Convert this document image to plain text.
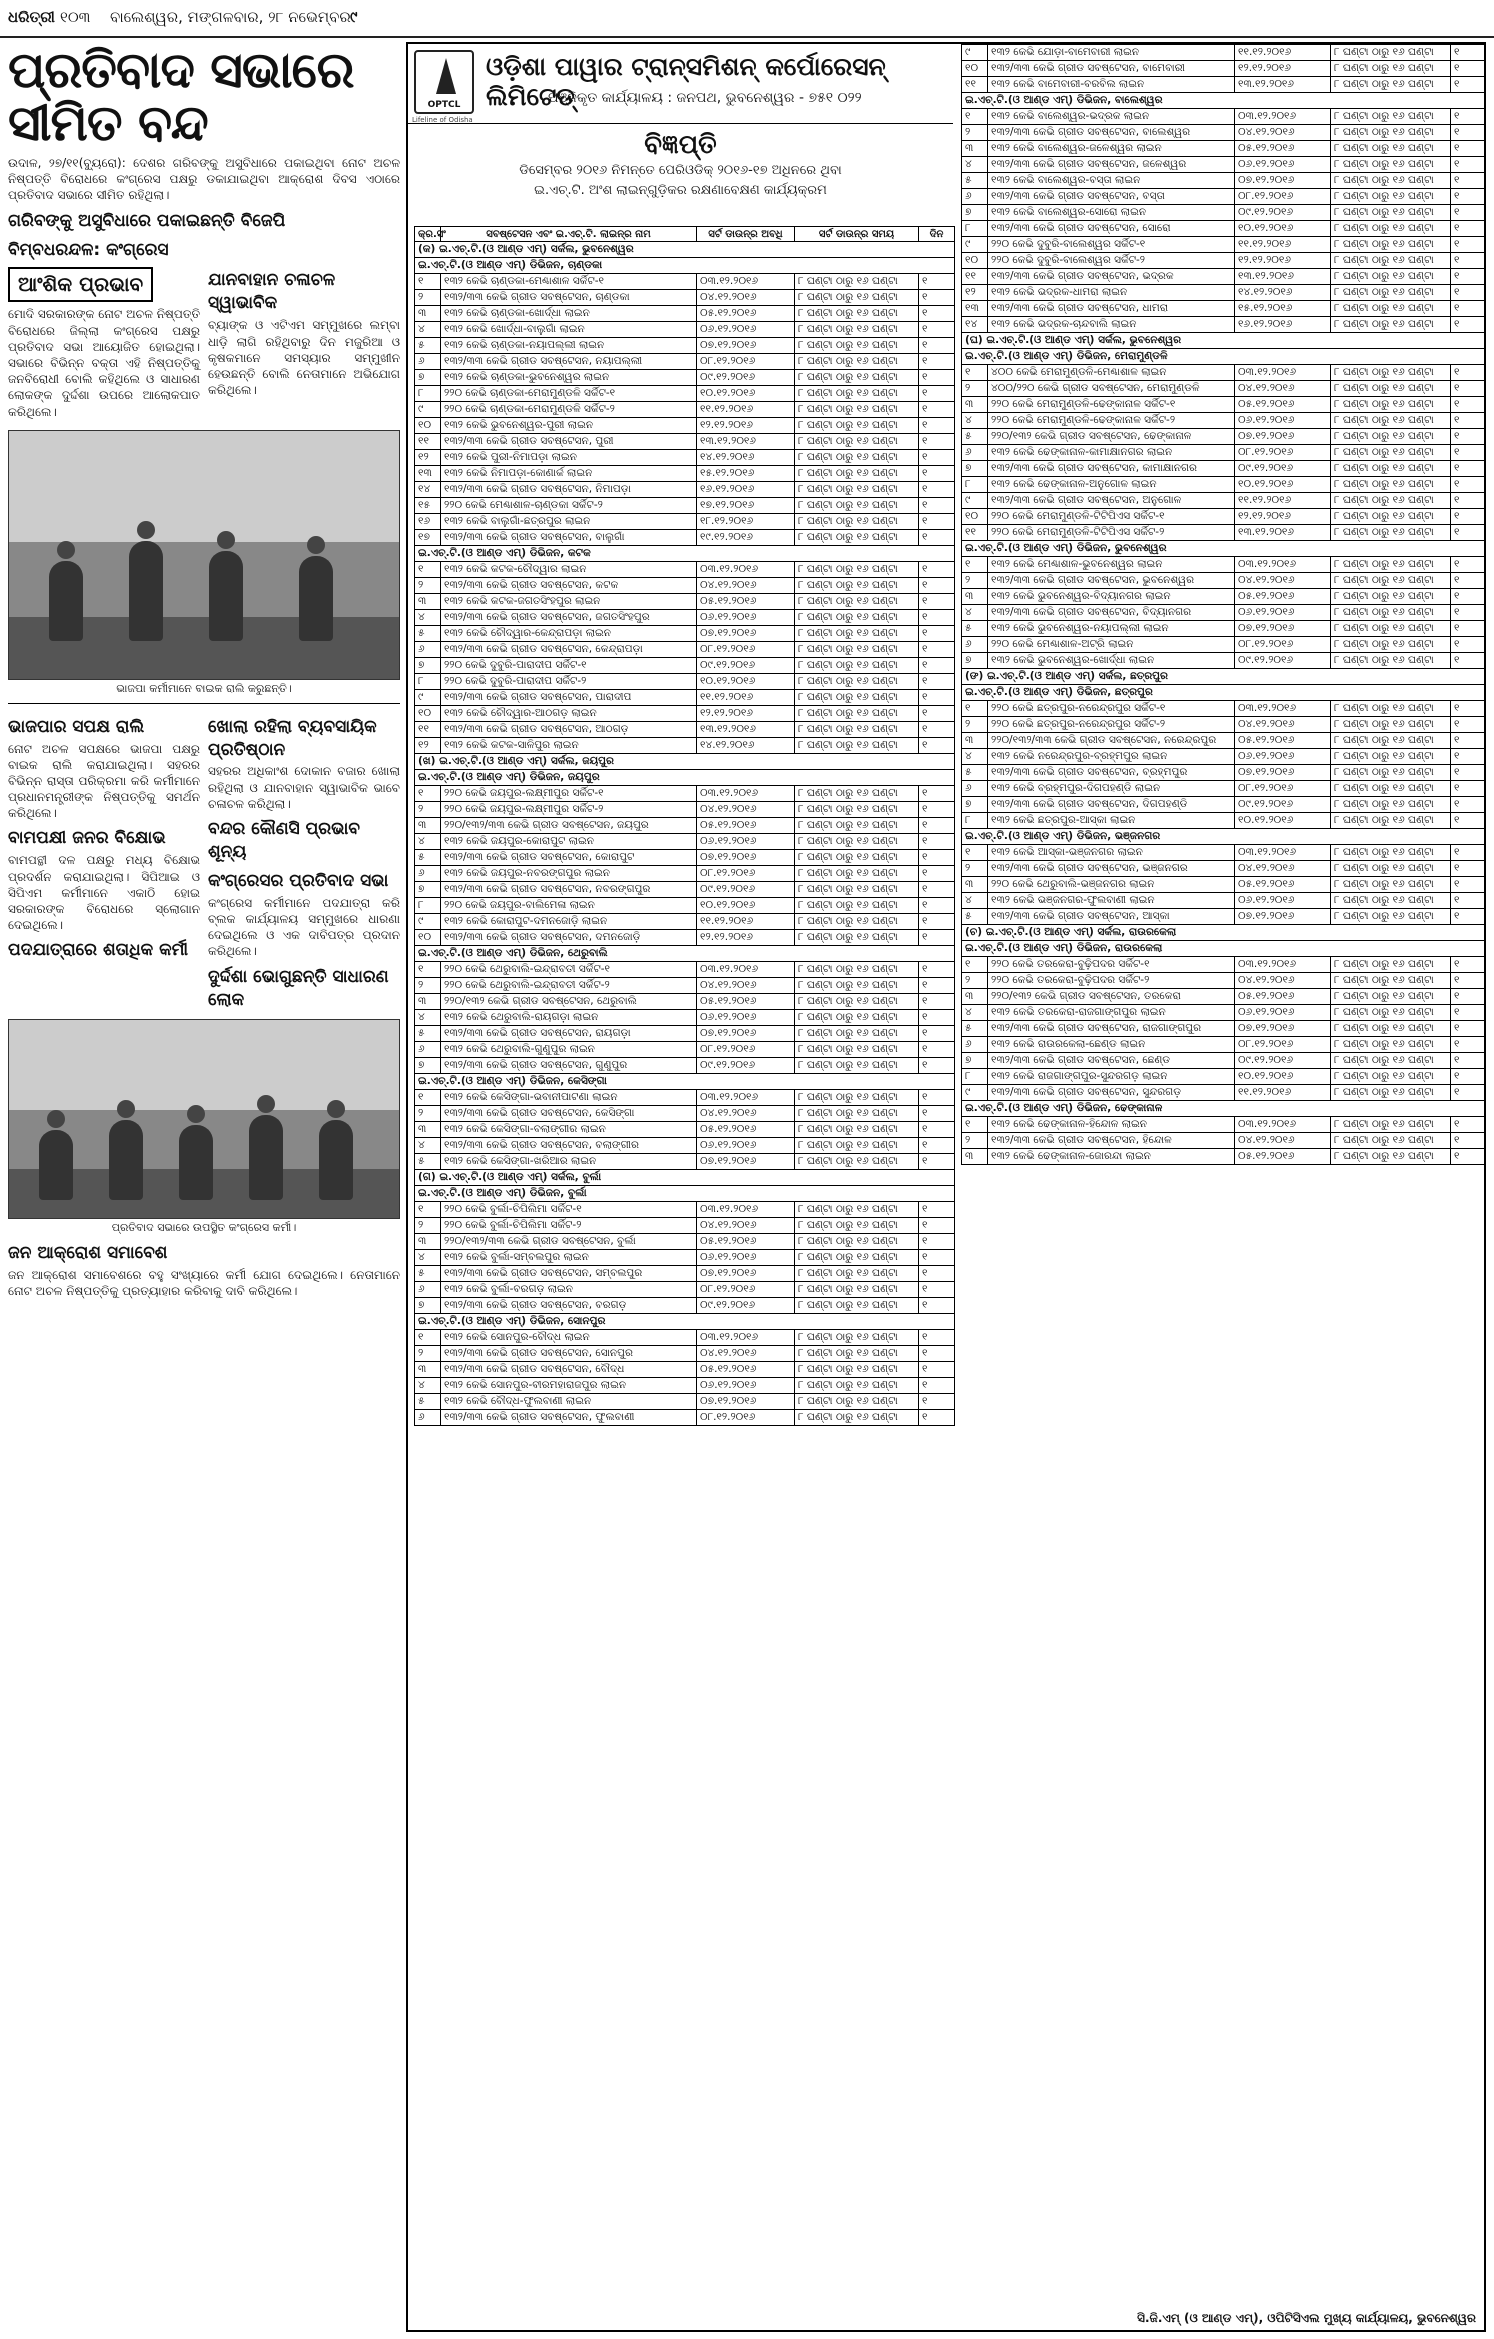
ଧରିତ୍ରୀ ୧୦୩ ବାଲେଶ୍ୱର, ମଙ୍ଗଳବାର, ୨୮ ନଭେମ୍ବର ୯
ପ୍ରତିବାଦ ସଭାରେ ସୀମିତ ବନ୍ଦ
ଉଦାଳ, ୨୭/୧୧(ବ୍ୟୁରୋ): ଦେଶର ଗରିବଙ୍କୁ ଅସୁବିଧାରେ ପକାଇଥିବା ନୋଟ ଅଚଳ ନିଷ୍ପତ୍ତି ବିରୋଧରେ କଂଗ୍ରେସ ପକ୍ଷରୁ ଡକାଯାଇଥିବା ଆକ୍ରୋଶ ଦିବସ ଏଠାରେ ପ୍ରତିବାଦ ସଭାରେ ସୀମିତ ରହିଥିଲା।
ଗରିବଙ୍କୁ ଅସୁବିଧାରେ ପକାଇଛନ୍ତି ବିଜେପି
ବିମ୍ବଧରନ୍ଦଳ: କଂଗ୍ରେସ
ଆଂଶିକ ପ୍ରଭାବ
ମୋଦି ସରକାରଙ୍କ ନୋଟ ଅଚଳ ନିଷ୍ପତ୍ତି ବିରୋଧରେ ଜିଲ୍ଲା କଂଗ୍ରେସ ପକ୍ଷରୁ ପ୍ରତିବାଦ ସଭା ଆୟୋଜିତ ହୋଇଥିଲା। ସଭାରେ ବିଭିନ୍ନ ବକ୍ତା ଏହି ନିଷ୍ପତ୍ତିକୁ ଜନବିରୋଧୀ ବୋଲି କହିଥିଲେ ଓ ସାଧାରଣ ଲୋକଙ୍କ ଦୁର୍ଦ୍ଦଶା ଉପରେ ଆଲୋକପାତ କରିଥିଲେ।
ଯାନବାହାନ ଚଳାଚଳ ସ୍ୱାଭାବିକ
ବ୍ୟାଙ୍କ ଓ ଏଟିଏମ ସମ୍ମୁଖରେ ଲମ୍ବା ଧାଡ଼ି ଲାଗି ରହିଥିବାରୁ ଦିନ ମଜୁରିଆ ଓ କୃଷକମାନେ ସମସ୍ୟାର ସମ୍ମୁଖୀନ ହେଉଛନ୍ତି ବୋଲି ନେତାମାନେ ଅଭିଯୋଗ କରିଥିଲେ।
ଭାଜପା କର୍ମୀମାନେ ବାଇକ ରାଲି କରୁଛନ୍ତି।
ଭାଜପାର ସପକ୍ଷ ରାଲି
ନୋଟ ଅଚଳ ସପକ୍ଷରେ ଭାଜପା ପକ୍ଷରୁ ବାଇକ ରାଲି କରାଯାଇଥିଲା। ସହରର ବିଭିନ୍ନ ରାସ୍ତା ପରିକ୍ରମା କରି କର୍ମୀମାନେ ପ୍ରଧାନମନ୍ତ୍ରୀଙ୍କ ନିଷ୍ପତ୍ତିକୁ ସମର୍ଥନ କରିଥିଲେ।
ବାମପକ୍ଷୀ ଜନର ବିକ୍ଷୋଭ
ବାମପନ୍ଥୀ ଦଳ ପକ୍ଷରୁ ମଧ୍ୟ ବିକ୍ଷୋଭ ପ୍ରଦର୍ଶନ କରାଯାଇଥିଲା। ସିପିଆଇ ଓ ସିପିଏମ କର୍ମୀମାନେ ଏକାଠି ହୋଇ ସରକାରଙ୍କ ବିରୋଧରେ ସ୍ଲୋଗାନ ଦେଇଥିଲେ।
ପଦଯାତ୍ରାରେ ଶତାଧିକ କର୍ମୀ
ଖୋଲା ରହିଲା ବ୍ୟବସାୟିକ ପ୍ରତିଷ୍ଠାନ
ସହରର ଅଧିକାଂଶ ଦୋକାନ ବଜାର ଖୋଲା ରହିଥିଲା ଓ ଯାନବାହାନ ସ୍ୱାଭାବିକ ଭାବେ ଚଳାଚଳ କରିଥିଲା।
ବନ୍ଦର କୌଣସି ପ୍ରଭାବ ଶୂନ୍ୟ
କଂଗ୍ରେସର ପ୍ରତିବାଦ ସଭା
କଂଗ୍ରେସ କର୍ମୀମାନେ ପଦଯାତ୍ରା କରି ବ୍ଲକ କାର୍ଯ୍ୟାଳୟ ସମ୍ମୁଖରେ ଧାରଣା ଦେଇଥିଲେ ଓ ଏକ ଦାବିପତ୍ର ପ୍ରଦାନ କରିଥିଲେ।
ଦୁର୍ଦ୍ଦଶା ଭୋଗୁଛନ୍ତି ସାଧାରଣ ଲୋକ
ପ୍ରତିବାଦ ସଭାରେ ଉପସ୍ଥିତ କଂଗ୍ରେସ କର୍ମୀ।
ଜନ ଆକ୍ରୋଶ ସମାବେଶ
ଜନ ଆକ୍ରୋଶ ସମାବେଶରେ ବହୁ ସଂଖ୍ୟାରେ କର୍ମୀ ଯୋଗ ଦେଇଥିଲେ। ନେତାମାନେ ନୋଟ ଅଚଳ ନିଷ୍ପତ୍ତିକୁ ପ୍ରତ୍ୟାହାର କରିବାକୁ ଦାବି କରିଥିଲେ।
OPTCL
ଓଡ଼ିଶା ପାୱାର ଟ୍ରାନ୍ସମିଶନ୍ କର୍ପୋରେସନ୍ ଲିମିଟେଡ୍
ପଞ୍ଜିକୃତ କାର୍ଯ୍ୟାଳୟ : ଜନପଥ, ଭୁବନେଶ୍ୱର - ୭୫୧ ୦୨୨
Lifeline of Odisha
ବିଜ୍ଞପ୍ତି
ଡିସେମ୍ବର ୨୦୧୬ ନିମନ୍ତେ ପେରିଓଡିକ୍ ୨୦୧୬-୧୭ ଅଧିନରେ ଥିବା
ଇ.ଏଚ୍.ଟି. ଅଂଶ ଲାଇନ୍‌ଗୁଡ଼ିକର ରକ୍ଷଣାବେକ୍ଷଣ କାର୍ଯ୍ୟକ୍ରମ
କ୍ର.ସଂ	ସବଷ୍ଟେସନ ଏବଂ ଇ.ଏଚ୍.ଟି. ଲାଇନ୍‌ର ନାମ	ସର୍ଟ ଡାଉନ୍‌ର ଅବଧି	ସର୍ଟ ଡାଉନ୍‌ର ସମୟ	ଦିନ
(କ) ଇ.ଏଚ୍.ଟି.(ଓ ଆଣ୍ଡ ଏମ୍) ସର୍କଲ, ଭୁବନେଶ୍ୱର				
ଇ.ଏଚ୍.ଟି.(ଓ ଆଣ୍ଡ ଏମ୍) ଡିଭିଜନ, ଚାଣ୍ଡକା				
୧	୧୩୨ କେଭି ଚାଣ୍ଡକା-ମେଣ୍ଢାଶାଳ ସର୍କିଟ-୧	୦୩.୧୨.୨୦୧୬	୮ ଘଣ୍ଟା ଠାରୁ ୧୬ ଘଣ୍ଟା	୧
୨	୧୩୨/୩୩ କେଭି ଗ୍ରୀଡ ସବଷ୍ଟେସନ, ଚାଣ୍ଡକା	୦୪.୧୨.୨୦୧୬	୮ ଘଣ୍ଟା ଠାରୁ ୧୬ ଘଣ୍ଟା	୧
୩	୧୩୨ କେଭି ଚାଣ୍ଡକା-ଖୋର୍ଦ୍ଧା ଲାଇନ	୦୫.୧୨.୨୦୧୬	୮ ଘଣ୍ଟା ଠାରୁ ୧୬ ଘଣ୍ଟା	୧
୪	୧୩୨ କେଭି ଖୋର୍ଦ୍ଧା-ବାଲୁଗାଁ ଲାଇନ	୦୬.୧୨.୨୦୧୬	୮ ଘଣ୍ଟା ଠାରୁ ୧୬ ଘଣ୍ଟା	୧
୫	୧୩୨ କେଭି ଚାଣ୍ଡକା-ନୟାପଲ୍ଲୀ ଲାଇନ	୦୭.୧୨.୨୦୧୬	୮ ଘଣ୍ଟା ଠାରୁ ୧୬ ଘଣ୍ଟା	୧
୬	୧୩୨/୩୩ କେଭି ଗ୍ରୀଡ ସବଷ୍ଟେସନ, ନୟାପଲ୍ଲୀ	୦୮.୧୨.୨୦୧୬	୮ ଘଣ୍ଟା ଠାରୁ ୧୬ ଘଣ୍ଟା	୧
୭	୧୩୨ କେଭି ଚାଣ୍ଡକା-ଭୁବନେଶ୍ୱର ଲାଇନ	୦୯.୧୨.୨୦୧୬	୮ ଘଣ୍ଟା ଠାରୁ ୧୬ ଘଣ୍ଟା	୧
୮	୨୨୦ କେଭି ଚାଣ୍ଡକା-ମେରାମୁଣ୍ଡଳି ସର୍କିଟ-୧	୧୦.୧୨.୨୦୧୬	୮ ଘଣ୍ଟା ଠାରୁ ୧୬ ଘଣ୍ଟା	୧
୯	୨୨୦ କେଭି ଚାଣ୍ଡକା-ମେରାମୁଣ୍ଡଳି ସର୍କିଟ-୨	୧୧.୧୨.୨୦୧୬	୮ ଘଣ୍ଟା ଠାରୁ ୧୬ ଘଣ୍ଟା	୧
୧୦	୧୩୨ କେଭି ଭୁବନେଶ୍ୱର-ପୁରୀ ଲାଇନ	୧୨.୧୨.୨୦୧୬	୮ ଘଣ୍ଟା ଠାରୁ ୧୬ ଘଣ୍ଟା	୧
୧୧	୧୩୨/୩୩ କେଭି ଗ୍ରୀଡ ସବଷ୍ଟେସନ, ପୁରୀ	୧୩.୧୨.୨୦୧୬	୮ ଘଣ୍ଟା ଠାରୁ ୧୬ ଘଣ୍ଟା	୧
୧୨	୧୩୨ କେଭି ପୁରୀ-ନିମାପଡ଼ା ଲାଇନ	୧୪.୧୨.୨୦୧୬	୮ ଘଣ୍ଟା ଠାରୁ ୧୬ ଘଣ୍ଟା	୧
୧୩	୧୩୨ କେଭି ନିମାପଡ଼ା-କୋଣାର୍କ ଲାଇନ	୧୫.୧୨.୨୦୧୬	୮ ଘଣ୍ଟା ଠାରୁ ୧୬ ଘଣ୍ଟା	୧
୧୪	୧୩୨/୩୩ କେଭି ଗ୍ରୀଡ ସବଷ୍ଟେସନ, ନିମାପଡ଼ା	୧୬.୧୨.୨୦୧୬	୮ ଘଣ୍ଟା ଠାରୁ ୧୬ ଘଣ୍ଟା	୧
୧୫	୨୨୦ କେଭି ମେଣ୍ଢାଶାଳ-ଚାଣ୍ଡକା ସର୍କିଟ-୨	୧୭.୧୨.୨୦୧୬	୮ ଘଣ୍ଟା ଠାରୁ ୧୬ ଘଣ୍ଟା	୧
୧୬	୧୩୨ କେଭି ବାଲୁଗାଁ-ଛତ୍ରପୁର ଲାଇନ	୧୮.୧୨.୨୦୧୬	୮ ଘଣ୍ଟା ଠାରୁ ୧୬ ଘଣ୍ଟା	୧
୧୭	୧୩୨/୩୩ କେଭି ଗ୍ରୀଡ ସବଷ୍ଟେସନ, ବାଲୁଗାଁ	୧୯.୧୨.୨୦୧୬	୮ ଘଣ୍ଟା ଠାରୁ ୧୬ ଘଣ୍ଟା	୧
ଇ.ଏଚ୍.ଟି.(ଓ ଆଣ୍ଡ ଏମ୍) ଡିଭିଜନ, କଟକ				
୧	୧୩୨ କେଭି କଟକ-ଚୌଦ୍ୱାର ଲାଇନ	୦୩.୧୨.୨୦୧୬	୮ ଘଣ୍ଟା ଠାରୁ ୧୬ ଘଣ୍ଟା	୧
୨	୧୩୨/୩୩ କେଭି ଗ୍ରୀଡ ସବଷ୍ଟେସନ, କଟକ	୦୪.୧୨.୨୦୧୬	୮ ଘଣ୍ଟା ଠାରୁ ୧୬ ଘଣ୍ଟା	୧
୩	୧୩୨ କେଭି କଟକ-ଜଗତସିଂହପୁର ଲାଇନ	୦୫.୧୨.୨୦୧୬	୮ ଘଣ୍ଟା ଠାରୁ ୧୬ ଘଣ୍ଟା	୧
୪	୧୩୨/୩୩ କେଭି ଗ୍ରୀଡ ସବଷ୍ଟେସନ, ଜଗତସିଂହପୁର	୦୬.୧୨.୨୦୧୬	୮ ଘଣ୍ଟା ଠାରୁ ୧୬ ଘଣ୍ଟା	୧
୫	୧୩୨ କେଭି ଚୌଦ୍ୱାର-କେନ୍ଦ୍ରାପଡ଼ା ଲାଇନ	୦୭.୧୨.୨୦୧୬	୮ ଘଣ୍ଟା ଠାରୁ ୧୬ ଘଣ୍ଟା	୧
୬	୧୩୨/୩୩ କେଭି ଗ୍ରୀଡ ସବଷ୍ଟେସନ, କେନ୍ଦ୍ରାପଡ଼ା	୦୮.୧୨.୨୦୧୬	୮ ଘଣ୍ଟା ଠାରୁ ୧୬ ଘଣ୍ଟା	୧
୭	୨୨୦ କେଭି ଦୁବୁରି-ପାରାଦୀପ ସର୍କିଟ-୧	୦୯.୧୨.୨୦୧୬	୮ ଘଣ୍ଟା ଠାରୁ ୧୬ ଘଣ୍ଟା	୧
୮	୨୨୦ କେଭି ଦୁବୁରି-ପାରାଦୀପ ସର୍କିଟ-୨	୧୦.୧୨.୨୦୧୬	୮ ଘଣ୍ଟା ଠାରୁ ୧୬ ଘଣ୍ଟା	୧
୯	୧୩୨/୩୩ କେଭି ଗ୍ରୀଡ ସବଷ୍ଟେସନ, ପାରାଦୀପ	୧୧.୧୨.୨୦୧୬	୮ ଘଣ୍ଟା ଠାରୁ ୧୬ ଘଣ୍ଟା	୧
୧୦	୧୩୨ କେଭି ଚୌଦ୍ୱାର-ଆଠଗଡ଼ ଲାଇନ	୧୨.୧୨.୨୦୧୬	୮ ଘଣ୍ଟା ଠାରୁ ୧୬ ଘଣ୍ଟା	୧
୧୧	୧୩୨/୩୩ କେଭି ଗ୍ରୀଡ ସବଷ୍ଟେସନ, ଆଠଗଡ଼	୧୩.୧୨.୨୦୧୬	୮ ଘଣ୍ଟା ଠାରୁ ୧୬ ଘଣ୍ଟା	୧
୧୨	୧୩୨ କେଭି କଟକ-ସାଳିପୁର ଲାଇନ	୧୪.୧୨.୨୦୧୬	୮ ଘଣ୍ଟା ଠାରୁ ୧୬ ଘଣ୍ଟା	୧
(ଖ) ଇ.ଏଚ୍.ଟି.(ଓ ଆଣ୍ଡ ଏମ୍) ସର୍କଲ, ଜୟପୁର				
ଇ.ଏଚ୍.ଟି.(ଓ ଆଣ୍ଡ ଏମ୍) ଡିଭିଜନ, ଜୟପୁର				
୧	୨୨୦ କେଭି ଜୟପୁର-ଲକ୍ଷ୍ମୀପୁର ସର୍କିଟ-୧	୦୩.୧୨.୨୦୧୬	୮ ଘଣ୍ଟା ଠାରୁ ୧୬ ଘଣ୍ଟା	୧
୨	୨୨୦ କେଭି ଜୟପୁର-ଲକ୍ଷ୍ମୀପୁର ସର୍କିଟ-୨	୦୪.୧୨.୨୦୧୬	୮ ଘଣ୍ଟା ଠାରୁ ୧୬ ଘଣ୍ଟା	୧
୩	୨୨୦/୧୩୨/୩୩ କେଭି ଗ୍ରୀଡ ସବଷ୍ଟେସନ, ଜୟପୁର	୦୫.୧୨.୨୦୧୬	୮ ଘଣ୍ଟା ଠାରୁ ୧୬ ଘଣ୍ଟା	୧
୪	୧୩୨ କେଭି ଜୟପୁର-କୋରାପୁଟ ଲାଇନ	୦୬.୧୨.୨୦୧୬	୮ ଘଣ୍ଟା ଠାରୁ ୧୬ ଘଣ୍ଟା	୧
୫	୧୩୨/୩୩ କେଭି ଗ୍ରୀଡ ସବଷ୍ଟେସନ, କୋରାପୁଟ	୦୭.୧୨.୨୦୧୬	୮ ଘଣ୍ଟା ଠାରୁ ୧୬ ଘଣ୍ଟା	୧
୬	୧୩୨ କେଭି ଜୟପୁର-ନବରଙ୍ଗପୁର ଲାଇନ	୦୮.୧୨.୨୦୧୬	୮ ଘଣ୍ଟା ଠାରୁ ୧୬ ଘଣ୍ଟା	୧
୭	୧୩୨/୩୩ କେଭି ଗ୍ରୀଡ ସବଷ୍ଟେସନ, ନବରଙ୍ଗପୁର	୦୯.୧୨.୨୦୧୬	୮ ଘଣ୍ଟା ଠାରୁ ୧୬ ଘଣ୍ଟା	୧
୮	୨୨୦ କେଭି ଜୟପୁର-ବାଲିମେଳା ଲାଇନ	୧୦.୧୨.୨୦୧୬	୮ ଘଣ୍ଟା ଠାରୁ ୧୬ ଘଣ୍ଟା	୧
୯	୧୩୨ କେଭି କୋରାପୁଟ-ଦମନଜୋଡ଼ି ଲାଇନ	୧୧.୧୨.୨୦୧୬	୮ ଘଣ୍ଟା ଠାରୁ ୧୬ ଘଣ୍ଟା	୧
୧୦	୧୩୨/୩୩ କେଭି ଗ୍ରୀଡ ସବଷ୍ଟେସନ, ଦମନଜୋଡ଼ି	୧୨.୧୨.୨୦୧୬	୮ ଘଣ୍ଟା ଠାରୁ ୧୬ ଘଣ୍ଟା	୧
ଇ.ଏଚ୍.ଟି.(ଓ ଆଣ୍ଡ ଏମ୍) ଡିଭିଜନ, ଥେରୁବାଲି				
୧	୨୨୦ କେଭି ଥେରୁବାଲି-ଇନ୍ଦ୍ରାବତୀ ସର୍କିଟ-୧	୦୩.୧୨.୨୦୧୬	୮ ଘଣ୍ଟା ଠାରୁ ୧୬ ଘଣ୍ଟା	୧
୨	୨୨୦ କେଭି ଥେରୁବାଲି-ଇନ୍ଦ୍ରାବତୀ ସର୍କିଟ-୨	୦୪.୧୨.୨୦୧୬	୮ ଘଣ୍ଟା ଠାରୁ ୧୬ ଘଣ୍ଟା	୧
୩	୨୨୦/୧୩୨ କେଭି ଗ୍ରୀଡ ସବଷ୍ଟେସନ, ଥେରୁବାଲି	୦୫.୧୨.୨୦୧୬	୮ ଘଣ୍ଟା ଠାରୁ ୧୬ ଘଣ୍ଟା	୧
୪	୧୩୨ କେଭି ଥେରୁବାଲି-ରାୟଗଡ଼ା ଲାଇନ	୦୬.୧୨.୨୦୧୬	୮ ଘଣ୍ଟା ଠାରୁ ୧୬ ଘଣ୍ଟା	୧
୫	୧୩୨/୩୩ କେଭି ଗ୍ରୀଡ ସବଷ୍ଟେସନ, ରାୟଗଡ଼ା	୦୭.୧୨.୨୦୧୬	୮ ଘଣ୍ଟା ଠାରୁ ୧୬ ଘଣ୍ଟା	୧
୬	୧୩୨ କେଭି ଥେରୁବାଲି-ଗୁଣୁପୁର ଲାଇନ	୦୮.୧୨.୨୦୧୬	୮ ଘଣ୍ଟା ଠାରୁ ୧୬ ଘଣ୍ଟା	୧
୭	୧୩୨/୩୩ କେଭି ଗ୍ରୀଡ ସବଷ୍ଟେସନ, ଗୁଣୁପୁର	୦୯.୧୨.୨୦୧୬	୮ ଘଣ୍ଟା ଠାରୁ ୧୬ ଘଣ୍ଟା	୧
ଇ.ଏଚ୍.ଟି.(ଓ ଆଣ୍ଡ ଏମ୍) ଡିଭିଜନ, କେସିଙ୍ଗା				
୧	୧୩୨ କେଭି କେସିଙ୍ଗା-ଭବାନୀପାଟଣା ଲାଇନ	୦୩.୧୨.୨୦୧୬	୮ ଘଣ୍ଟା ଠାରୁ ୧୬ ଘଣ୍ଟା	୧
୨	୧୩୨/୩୩ କେଭି ଗ୍ରୀଡ ସବଷ୍ଟେସନ, କେସିଙ୍ଗା	୦୪.୧୨.୨୦୧୬	୮ ଘଣ୍ଟା ଠାରୁ ୧୬ ଘଣ୍ଟା	୧
୩	୧୩୨ କେଭି କେସିଙ୍ଗା-ବଲାଙ୍ଗୀର ଲାଇନ	୦୫.୧୨.୨୦୧୬	୮ ଘଣ୍ଟା ଠାରୁ ୧୬ ଘଣ୍ଟା	୧
୪	୧୩୨/୩୩ କେଭି ଗ୍ରୀଡ ସବଷ୍ଟେସନ, ବଲାଙ୍ଗୀର	୦୬.୧୨.୨୦୧୬	୮ ଘଣ୍ଟା ଠାରୁ ୧୬ ଘଣ୍ଟା	୧
୫	୧୩୨ କେଭି କେସିଙ୍ଗା-ଖରିଆର ଲାଇନ	୦୭.୧୨.୨୦୧୬	୮ ଘଣ୍ଟା ଠାରୁ ୧୬ ଘଣ୍ଟା	୧
(ଗ) ଇ.ଏଚ୍.ଟି.(ଓ ଆଣ୍ଡ ଏମ୍) ସର୍କଲ, ବୁର୍ଲା				
ଇ.ଏଚ୍.ଟି.(ଓ ଆଣ୍ଡ ଏମ୍) ଡିଭିଜନ, ବୁର୍ଲା				
୧	୨୨୦ କେଭି ବୁର୍ଲା-ଚିପିଲିମା ସର୍କିଟ-୧	୦୩.୧୨.୨୦୧୬	୮ ଘଣ୍ଟା ଠାରୁ ୧୬ ଘଣ୍ଟା	୧
୨	୨୨୦ କେଭି ବୁର୍ଲା-ଚିପିଲିମା ସର୍କିଟ-୨	୦୪.୧୨.୨୦୧୬	୮ ଘଣ୍ଟା ଠାରୁ ୧୬ ଘଣ୍ଟା	୧
୩	୨୨୦/୧୩୨/୩୩ କେଭି ଗ୍ରୀଡ ସବଷ୍ଟେସନ, ବୁର୍ଲା	୦୫.୧୨.୨୦୧୬	୮ ଘଣ୍ଟା ଠାରୁ ୧୬ ଘଣ୍ଟା	୧
୪	୧୩୨ କେଭି ବୁର୍ଲା-ସମ୍ବଲପୁର ଲାଇନ	୦୬.୧୨.୨୦୧୬	୮ ଘଣ୍ଟା ଠାରୁ ୧୬ ଘଣ୍ଟା	୧
୫	୧୩୨/୩୩ କେଭି ଗ୍ରୀଡ ସବଷ୍ଟେସନ, ସମ୍ବଲପୁର	୦୭.୧୨.୨୦୧୬	୮ ଘଣ୍ଟା ଠାରୁ ୧୬ ଘଣ୍ଟା	୧
୬	୧୩୨ କେଭି ବୁର୍ଲା-ବରଗଡ଼ ଲାଇନ	୦୮.୧୨.୨୦୧୬	୮ ଘଣ୍ଟା ଠାରୁ ୧୬ ଘଣ୍ଟା	୧
୭	୧୩୨/୩୩ କେଭି ଗ୍ରୀଡ ସବଷ୍ଟେସନ, ବରଗଡ଼	୦୯.୧୨.୨୦୧୬	୮ ଘଣ୍ଟା ଠାରୁ ୧୬ ଘଣ୍ଟା	୧
ଇ.ଏଚ୍.ଟି.(ଓ ଆଣ୍ଡ ଏମ୍) ଡିଭିଜନ, ସୋନପୁର				
୧	୧୩୨ କେଭି ସୋନପୁର-ବୌଦ୍ଧ ଲାଇନ	୦୩.୧୨.୨୦୧୬	୮ ଘଣ୍ଟା ଠାରୁ ୧୬ ଘଣ୍ଟା	୧
୨	୧୩୨/୩୩ କେଭି ଗ୍ରୀଡ ସବଷ୍ଟେସନ, ସୋନପୁର	୦୪.୧୨.୨୦୧୬	୮ ଘଣ୍ଟା ଠାରୁ ୧୬ ଘଣ୍ଟା	୧
୩	୧୩୨/୩୩ କେଭି ଗ୍ରୀଡ ସବଷ୍ଟେସନ, ବୌଦ୍ଧ	୦୫.୧୨.୨୦୧୬	୮ ଘଣ୍ଟା ଠାରୁ ୧୬ ଘଣ୍ଟା	୧
୪	୧୩୨ କେଭି ସୋନପୁର-ବୀରମହାରାଜପୁର ଲାଇନ	୦୬.୧୨.୨୦୧୬	୮ ଘଣ୍ଟା ଠାରୁ ୧୬ ଘଣ୍ଟା	୧
୫	୧୩୨ କେଭି ବୌଦ୍ଧ-ଫୁଲବାଣୀ ଲାଇନ	୦୭.୧୨.୨୦୧୬	୮ ଘଣ୍ଟା ଠାରୁ ୧୬ ଘଣ୍ଟା	୧
୬	୧୩୨/୩୩ କେଭି ଗ୍ରୀଡ ସବଷ୍ଟେସନ, ଫୁଲବାଣୀ	୦୮.୧୨.୨୦୧୬	୮ ଘଣ୍ଟା ଠାରୁ ୧୬ ଘଣ୍ଟା	୧
୯	୧୩୨ କେଭି ଯୋଡ଼ା-ବାମେବାରୀ ଲାଇନ	୧୧.୧୨.୨୦୧୬	୮ ଘଣ୍ଟା ଠାରୁ ୧୬ ଘଣ୍ଟା	୧
୧୦	୧୩୨/୩୩ କେଭି ଗ୍ରୀଡ ସବଷ୍ଟେସନ, ବାମେବାରୀ	୧୨.୧୨.୨୦୧୬	୮ ଘଣ୍ଟା ଠାରୁ ୧୬ ଘଣ୍ଟା	୧
୧୧	୧୩୨ କେଭି ବାମେବାରୀ-ବରବିଲ ଲାଇନ	୧୩.୧୨.୨୦୧୬	୮ ଘଣ୍ଟା ଠାରୁ ୧୬ ଘଣ୍ଟା	୧
ଇ.ଏଚ୍.ଟି.(ଓ ଆଣ୍ଡ ଏମ୍) ଡିଭିଜନ, ବାଲେଶ୍ୱର				
୧	୧୩୨ କେଭି ବାଲେଶ୍ୱର-ଭଦ୍ରକ ଲାଇନ	୦୩.୧୨.୨୦୧୬	୮ ଘଣ୍ଟା ଠାରୁ ୧୬ ଘଣ୍ଟା	୧
୨	୧୩୨/୩୩ କେଭି ଗ୍ରୀଡ ସବଷ୍ଟେସନ, ବାଲେଶ୍ୱର	୦୪.୧୨.୨୦୧୬	୮ ଘଣ୍ଟା ଠାରୁ ୧୬ ଘଣ୍ଟା	୧
୩	୧୩୨ କେଭି ବାଲେଶ୍ୱର-ଜଳେଶ୍ୱର ଲାଇନ	୦୫.୧୨.୨୦୧୬	୮ ଘଣ୍ଟା ଠାରୁ ୧୬ ଘଣ୍ଟା	୧
୪	୧୩୨/୩୩ କେଭି ଗ୍ରୀଡ ସବଷ୍ଟେସନ, ଜଳେଶ୍ୱର	୦୬.୧୨.୨୦୧୬	୮ ଘଣ୍ଟା ଠାରୁ ୧୬ ଘଣ୍ଟା	୧
୫	୧୩୨ କେଭି ବାଲେଶ୍ୱର-ବସ୍ତା ଲାଇନ	୦୭.୧୨.୨୦୧୬	୮ ଘଣ୍ଟା ଠାରୁ ୧୬ ଘଣ୍ଟା	୧
୬	୧୩୨/୩୩ କେଭି ଗ୍ରୀଡ ସବଷ୍ଟେସନ, ବସ୍ତା	୦୮.୧୨.୨୦୧୬	୮ ଘଣ୍ଟା ଠାରୁ ୧୬ ଘଣ୍ଟା	୧
୭	୧୩୨ କେଭି ବାଲେଶ୍ୱର-ସୋରୋ ଲାଇନ	୦୯.୧୨.୨୦୧୬	୮ ଘଣ୍ଟା ଠାରୁ ୧୬ ଘଣ୍ଟା	୧
୮	୧୩୨/୩୩ କେଭି ଗ୍ରୀଡ ସବଷ୍ଟେସନ, ସୋରୋ	୧୦.୧୨.୨୦୧୬	୮ ଘଣ୍ଟା ଠାରୁ ୧୬ ଘଣ୍ଟା	୧
୯	୨୨୦ କେଭି ଦୁବୁରି-ବାଲେଶ୍ୱର ସର୍କିଟ-୧	୧୧.୧୨.୨୦୧୬	୮ ଘଣ୍ଟା ଠାରୁ ୧୬ ଘଣ୍ଟା	୧
୧୦	୨୨୦ କେଭି ଦୁବୁରି-ବାଲେଶ୍ୱର ସର୍କିଟ-୨	୧୨.୧୨.୨୦୧୬	୮ ଘଣ୍ଟା ଠାରୁ ୧୬ ଘଣ୍ଟା	୧
୧୧	୧୩୨/୩୩ କେଭି ଗ୍ରୀଡ ସବଷ୍ଟେସନ, ଭଦ୍ରକ	୧୩.୧୨.୨୦୧୬	୮ ଘଣ୍ଟା ଠାରୁ ୧୬ ଘଣ୍ଟା	୧
୧୨	୧୩୨ କେଭି ଭଦ୍ରକ-ଧାମରା ଲାଇନ	୧୪.୧୨.୨୦୧୬	୮ ଘଣ୍ଟା ଠାରୁ ୧୬ ଘଣ୍ଟା	୧
୧୩	୧୩୨/୩୩ କେଭି ଗ୍ରୀଡ ସବଷ୍ଟେସନ, ଧାମରା	୧୫.୧୨.୨୦୧୬	୮ ଘଣ୍ଟା ଠାରୁ ୧୬ ଘଣ୍ଟା	୧
୧୪	୧୩୨ କେଭି ଭଦ୍ରକ-ଚାନ୍ଦବାଲି ଲାଇନ	୧୬.୧୨.୨୦୧୬	୮ ଘଣ୍ଟା ଠାରୁ ୧୬ ଘଣ୍ଟା	୧
(ଘ) ଇ.ଏଚ୍.ଟି.(ଓ ଆଣ୍ଡ ଏମ୍) ସର୍କଲ, ଭୁବନେଶ୍ୱର				
ଇ.ଏଚ୍.ଟି.(ଓ ଆଣ୍ଡ ଏମ୍) ଡିଭିଜନ, ମେରାମୁଣ୍ଡଳି				
୧	୪୦୦ କେଭି ମେରାମୁଣ୍ଡଳି-ମେଣ୍ଢାଶାଳ ଲାଇନ	୦୩.୧୨.୨୦୧୬	୮ ଘଣ୍ଟା ଠାରୁ ୧୬ ଘଣ୍ଟା	୧
୨	୪୦୦/୨୨୦ କେଭି ଗ୍ରୀଡ ସବଷ୍ଟେସନ, ମେରାମୁଣ୍ଡଳି	୦୪.୧୨.୨୦୧୬	୮ ଘଣ୍ଟା ଠାରୁ ୧୬ ଘଣ୍ଟା	୧
୩	୨୨୦ କେଭି ମେରାମୁଣ୍ଡଳି-ଢେଙ୍କାନାଳ ସର୍କିଟ-୧	୦୫.୧୨.୨୦୧୬	୮ ଘଣ୍ଟା ଠାରୁ ୧୬ ଘଣ୍ଟା	୧
୪	୨୨୦ କେଭି ମେରାମୁଣ୍ଡଳି-ଢେଙ୍କାନାଳ ସର୍କିଟ-୨	୦୬.୧୨.୨୦୧୬	୮ ଘଣ୍ଟା ଠାରୁ ୧୬ ଘଣ୍ଟା	୧
୫	୨୨୦/୧୩୨ କେଭି ଗ୍ରୀଡ ସବଷ୍ଟେସନ, ଢେଙ୍କାନାଳ	୦୭.୧୨.୨୦୧୬	୮ ଘଣ୍ଟା ଠାରୁ ୧୬ ଘଣ୍ଟା	୧
୬	୧୩୨ କେଭି ଢେଙ୍କାନାଳ-କାମାକ୍ଷାନଗର ଲାଇନ	୦୮.୧୨.୨୦୧୬	୮ ଘଣ୍ଟା ଠାରୁ ୧୬ ଘଣ୍ଟା	୧
୭	୧୩୨/୩୩ କେଭି ଗ୍ରୀଡ ସବଷ୍ଟେସନ, କାମାକ୍ଷାନଗର	୦୯.୧୨.୨୦୧୬	୮ ଘଣ୍ଟା ଠାରୁ ୧୬ ଘଣ୍ଟା	୧
୮	୧୩୨ କେଭି ଢେଙ୍କାନାଳ-ଅନୁଗୋଳ ଲାଇନ	୧୦.୧୨.୨୦୧୬	୮ ଘଣ୍ଟା ଠାରୁ ୧୬ ଘଣ୍ଟା	୧
୯	୧୩୨/୩୩ କେଭି ଗ୍ରୀଡ ସବଷ୍ଟେସନ, ଅନୁଗୋଳ	୧୧.୧୨.୨୦୧୬	୮ ଘଣ୍ଟା ଠାରୁ ୧୬ ଘଣ୍ଟା	୧
୧୦	୨୨୦ କେଭି ମେରାମୁଣ୍ଡଳି-ଟିଟିପିଏସ ସର୍କିଟ-୧	୧୨.୧୨.୨୦୧୬	୮ ଘଣ୍ଟା ଠାରୁ ୧୬ ଘଣ୍ଟା	୧
୧୧	୨୨୦ କେଭି ମେରାମୁଣ୍ଡଳି-ଟିଟିପିଏସ ସର୍କିଟ-୨	୧୩.୧୨.୨୦୧୬	୮ ଘଣ୍ଟା ଠାରୁ ୧୬ ଘଣ୍ଟା	୧
ଇ.ଏଚ୍.ଟି.(ଓ ଆଣ୍ଡ ଏମ୍) ଡିଭିଜନ, ଭୁବନେଶ୍ୱର				
୧	୧୩୨ କେଭି ମେଣ୍ଢାଶାଳ-ଭୁବନେଶ୍ୱର ଲାଇନ	୦୩.୧୨.୨୦୧୬	୮ ଘଣ୍ଟା ଠାରୁ ୧୬ ଘଣ୍ଟା	୧
୨	୧୩୨/୩୩ କେଭି ଗ୍ରୀଡ ସବଷ୍ଟେସନ, ଭୁବନେଶ୍ୱର	୦୪.୧୨.୨୦୧୬	୮ ଘଣ୍ଟା ଠାରୁ ୧୬ ଘଣ୍ଟା	୧
୩	୧୩୨ କେଭି ଭୁବନେଶ୍ୱର-ବିଦ୍ୟାନଗର ଲାଇନ	୦୫.୧୨.୨୦୧୬	୮ ଘଣ୍ଟା ଠାରୁ ୧୬ ଘଣ୍ଟା	୧
୪	୧୩୨/୩୩ କେଭି ଗ୍ରୀଡ ସବଷ୍ଟେସନ, ବିଦ୍ୟାନଗର	୦୬.୧୨.୨୦୧୬	୮ ଘଣ୍ଟା ଠାରୁ ୧୬ ଘଣ୍ଟା	୧
୫	୧୩୨ କେଭି ଭୁବନେଶ୍ୱର-ନୟାପଲ୍ଲୀ ଲାଇନ	୦୭.୧୨.୨୦୧୬	୮ ଘଣ୍ଟା ଠାରୁ ୧୬ ଘଣ୍ଟା	୧
୬	୨୨୦ କେଭି ମେଣ୍ଢାଶାଳ-ଅଟ୍ରି ଲାଇନ	୦୮.୧୨.୨୦୧୬	୮ ଘଣ୍ଟା ଠାରୁ ୧୬ ଘଣ୍ଟା	୧
୭	୧୩୨ କେଭି ଭୁବନେଶ୍ୱର-ଖୋର୍ଦ୍ଧା ଲାଇନ	୦୯.୧୨.୨୦୧୬	୮ ଘଣ୍ଟା ଠାରୁ ୧୬ ଘଣ୍ଟା	୧
(ଙ) ଇ.ଏଚ୍.ଟି.(ଓ ଆଣ୍ଡ ଏମ୍) ସର୍କଲ, ଛତ୍ରପୁର				
ଇ.ଏଚ୍.ଟି.(ଓ ଆଣ୍ଡ ଏମ୍) ଡିଭିଜନ, ଛତ୍ରପୁର				
୧	୨୨୦ କେଭି ଛତ୍ରପୁର-ନରେନ୍ଦ୍ରପୁର ସର୍କିଟ-୧	୦୩.୧୨.୨୦୧୬	୮ ଘଣ୍ଟା ଠାରୁ ୧୬ ଘଣ୍ଟା	୧
୨	୨୨୦ କେଭି ଛତ୍ରପୁର-ନରେନ୍ଦ୍ରପୁର ସର୍କିଟ-୨	୦୪.୧୨.୨୦୧୬	୮ ଘଣ୍ଟା ଠାରୁ ୧୬ ଘଣ୍ଟା	୧
୩	୨୨୦/୧୩୨/୩୩ କେଭି ଗ୍ରୀଡ ସବଷ୍ଟେସନ, ନରେନ୍ଦ୍ରପୁର	୦୫.୧୨.୨୦୧୬	୮ ଘଣ୍ଟା ଠାରୁ ୧୬ ଘଣ୍ଟା	୧
୪	୧୩୨ କେଭି ନରେନ୍ଦ୍ରପୁର-ବ୍ରହ୍ମପୁର ଲାଇନ	୦୬.୧୨.୨୦୧୬	୮ ଘଣ୍ଟା ଠାରୁ ୧୬ ଘଣ୍ଟା	୧
୫	୧୩୨/୩୩ କେଭି ଗ୍ରୀଡ ସବଷ୍ଟେସନ, ବ୍ରହ୍ମପୁର	୦୭.୧୨.୨୦୧୬	୮ ଘଣ୍ଟା ଠାରୁ ୧୬ ଘଣ୍ଟା	୧
୬	୧୩୨ କେଭି ବ୍ରହ୍ମପୁର-ଦିଗପହଣ୍ଡି ଲାଇନ	୦୮.୧୨.୨୦୧୬	୮ ଘଣ୍ଟା ଠାରୁ ୧୬ ଘଣ୍ଟା	୧
୭	୧୩୨/୩୩ କେଭି ଗ୍ରୀଡ ସବଷ୍ଟେସନ, ଦିଗପହଣ୍ଡି	୦୯.୧୨.୨୦୧୬	୮ ଘଣ୍ଟା ଠାରୁ ୧୬ ଘଣ୍ଟା	୧
୮	୧୩୨ କେଭି ଛତ୍ରପୁର-ଆସ୍କା ଲାଇନ	୧୦.୧୨.୨୦୧୬	୮ ଘଣ୍ଟା ଠାରୁ ୧୬ ଘଣ୍ଟା	୧
ଇ.ଏଚ୍.ଟି.(ଓ ଆଣ୍ଡ ଏମ୍) ଡିଭିଜନ, ଭଞ୍ଜନଗର				
୧	୧୩୨ କେଭି ଆସ୍କା-ଭଞ୍ଜନଗର ଲାଇନ	୦୩.୧୨.୨୦୧୬	୮ ଘଣ୍ଟା ଠାରୁ ୧୬ ଘଣ୍ଟା	୧
୨	୧୩୨/୩୩ କେଭି ଗ୍ରୀଡ ସବଷ୍ଟେସନ, ଭଞ୍ଜନଗର	୦୪.୧୨.୨୦୧୬	୮ ଘଣ୍ଟା ଠାରୁ ୧୬ ଘଣ୍ଟା	୧
୩	୨୨୦ କେଭି ଥେରୁବାଲି-ଭଞ୍ଜନଗର ଲାଇନ	୦୫.୧୨.୨୦୧୬	୮ ଘଣ୍ଟା ଠାରୁ ୧୬ ଘଣ୍ଟା	୧
୪	୧୩୨ କେଭି ଭଞ୍ଜନଗର-ଫୁଲବାଣୀ ଲାଇନ	୦୬.୧୨.୨୦୧୬	୮ ଘଣ୍ଟା ଠାରୁ ୧୬ ଘଣ୍ଟା	୧
୫	୧୩୨/୩୩ କେଭି ଗ୍ରୀଡ ସବଷ୍ଟେସନ, ଆସ୍କା	୦୭.୧୨.୨୦୧୬	୮ ଘଣ୍ଟା ଠାରୁ ୧୬ ଘଣ୍ଟା	୧
(ଚ) ଇ.ଏଚ୍.ଟି.(ଓ ଆଣ୍ଡ ଏମ୍) ସର୍କଲ, ରାଉରକେଲା				
ଇ.ଏଚ୍.ଟି.(ଓ ଆଣ୍ଡ ଏମ୍) ଡିଭିଜନ, ରାଉରକେଲା				
୧	୨୨୦ କେଭି ତରକେରା-ବୁଢ଼ିପଦର ସର୍କିଟ-୧	୦୩.୧୨.୨୦୧୬	୮ ଘଣ୍ଟା ଠାରୁ ୧୬ ଘଣ୍ଟା	୧
୨	୨୨୦ କେଭି ତରକେରା-ବୁଢ଼ିପଦର ସର୍କିଟ-୨	୦୪.୧୨.୨୦୧୬	୮ ଘଣ୍ଟା ଠାରୁ ୧୬ ଘଣ୍ଟା	୧
୩	୨୨୦/୧୩୨ କେଭି ଗ୍ରୀଡ ସବଷ୍ଟେସନ, ତରକେରା	୦୫.୧୨.୨୦୧୬	୮ ଘଣ୍ଟା ଠାରୁ ୧୬ ଘଣ୍ଟା	୧
୪	୧୩୨ କେଭି ତରକେରା-ରାଜଗାଙ୍ଗପୁର ଲାଇନ	୦୬.୧୨.୨୦୧୬	୮ ଘଣ୍ଟା ଠାରୁ ୧୬ ଘଣ୍ଟା	୧
୫	୧୩୨/୩୩ କେଭି ଗ୍ରୀଡ ସବଷ୍ଟେସନ, ରାଜଗାଙ୍ଗପୁର	୦୭.୧୨.୨୦୧୬	୮ ଘଣ୍ଟା ଠାରୁ ୧୬ ଘଣ୍ଟା	୧
୬	୧୩୨ କେଭି ରାଉରକେଲା-ଛେଣ୍ଡ ଲାଇନ	୦୮.୧୨.୨୦୧୬	୮ ଘଣ୍ଟା ଠାରୁ ୧୬ ଘଣ୍ଟା	୧
୭	୧୩୨/୩୩ କେଭି ଗ୍ରୀଡ ସବଷ୍ଟେସନ, ଛେଣ୍ଡ	୦୯.୧୨.୨୦୧୬	୮ ଘଣ୍ଟା ଠାରୁ ୧୬ ଘଣ୍ଟା	୧
୮	୧୩୨ କେଭି ରାଜଗାଙ୍ଗପୁର-ସୁନ୍ଦରଗଡ଼ ଲାଇନ	୧୦.୧୨.୨୦୧୬	୮ ଘଣ୍ଟା ଠାରୁ ୧୬ ଘଣ୍ଟା	୧
୯	୧୩୨/୩୩ କେଭି ଗ୍ରୀଡ ସବଷ୍ଟେସନ, ସୁନ୍ଦରଗଡ଼	୧୧.୧୨.୨୦୧୬	୮ ଘଣ୍ଟା ଠାରୁ ୧୬ ଘଣ୍ଟା	୧
ଇ.ଏଚ୍.ଟି.(ଓ ଆଣ୍ଡ ଏମ୍) ଡିଭିଜନ, ଢେଙ୍କାନାଳ				
୧	୧୩୨ କେଭି ଢେଙ୍କାନାଳ-ହିନ୍ଦୋଳ ଲାଇନ	୦୩.୧୨.୨୦୧୬	୮ ଘଣ୍ଟା ଠାରୁ ୧୬ ଘଣ୍ଟା	୧
୨	୧୩୨/୩୩ କେଭି ଗ୍ରୀଡ ସବଷ୍ଟେସନ, ହିନ୍ଦୋଳ	୦୪.୧୨.୨୦୧୬	୮ ଘଣ୍ଟା ଠାରୁ ୧୬ ଘଣ୍ଟା	୧
୩	୧୩୨ କେଭି ଢେଙ୍କାନାଳ-ଜୋରନ୍ଦା ଲାଇନ	୦୫.୧୨.୨୦୧୬	୮ ଘଣ୍ଟା ଠାରୁ ୧୬ ଘଣ୍ଟା	୧
ସି.ଜି.ଏମ୍ (ଓ ଆଣ୍ଡ ଏମ୍), ଓପିଟିସିଏଲ ମୁଖ୍ୟ କାର୍ଯ୍ୟାଳୟ, ଭୁବନେଶ୍ୱର
